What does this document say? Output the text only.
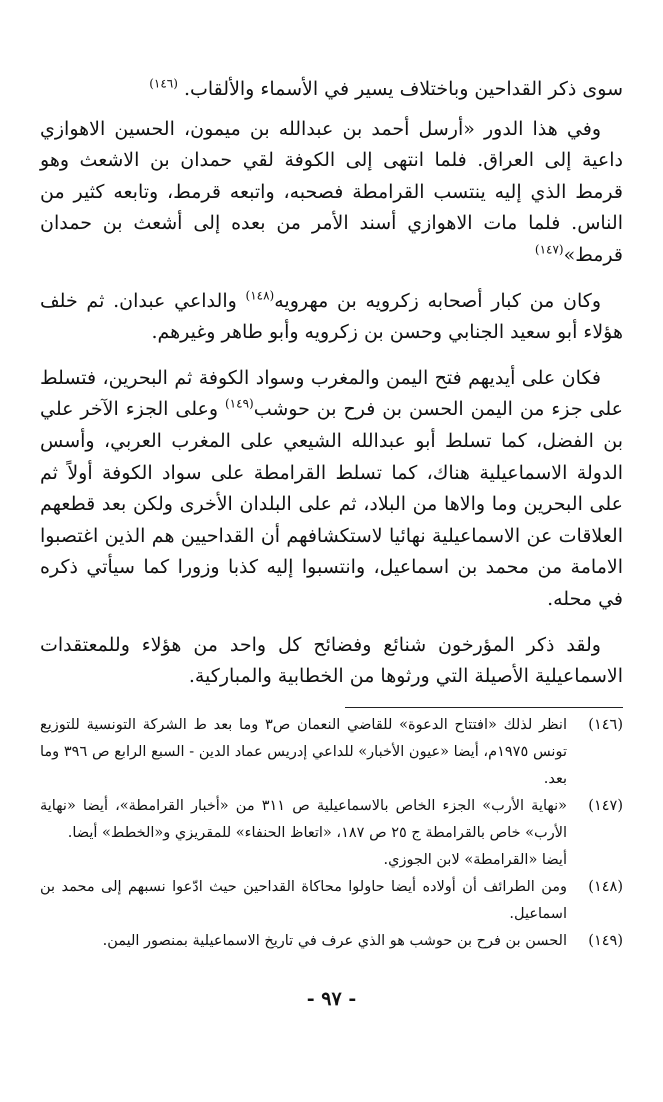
سوى ذكر القداحين وباختلاف يسير في الأسماء والألقاب. $^{(١٤٦)}$

وفي هذا الدور «أرسل أحمد بن عبدالله بن ميمون، الحسين الاهوازي داعية إلى العراق. فلما انتهى إلى الكوفة لقي حمدان بن الاشعث وهو قرمط الذي إليه ينتسب القرامطة فصحبه، واتبعه قرمط، وتابعه كثير من الناس. فلما مات الاهوازي أسند الأمر من بعده إلى أشعث بن حمدان قرمط»$^{(١٤٧)}$

وكان من كبار أصحابه زكرويه بن مهرويه$^{(١٤٨)}$ والداعي عبدان. ثم خلف هؤلاء أبو سعيد الجنابي وحسن بن زكرويه وأبو طاهر وغيرهم.

فكان على أيديهم فتح اليمن والمغرب وسواد الكوفة ثم البحرين، فتسلط على جزء من اليمن الحسن بن فرح بن حوشب$^{(١٤٩)}$ وعلى الجزء الآخر علي بن الفضل، كما تسلط أبو عبدالله الشيعي على المغرب العربي، وأسس الدولة الاسماعيلية هناك، كما تسلط القرامطة على سواد الكوفة أولاً ثم على البحرين وما والاها من البلاد، ثم على البلدان الأخرى ولكن بعد قطعهم العلاقات عن الاسماعيلية نهائيا لاستكشافهم أن القداحيين هم الذين اغتصبوا الامامة من محمد بن اسماعيل، وانتسبوا إليه كذبا وزورا كما سيأتي ذكره في محله.

ولقد ذكر المؤرخون شنائع وفضائح كل واحد من هؤلاء وللمعتقدات الاسماعيلية الأصيلة التي ورثوها من الخطابية والمباركية.

(١٤٦)
انظر لذلك «افتتاح الدعوة» للقاضي النعمان ص٣ وما بعد ط الشركة التونسية للتوزيع تونس ١٩٧٥م، أيضا «عيون الأخبار» للداعي إدريس عماد الدين - السبع الرابع ص ٣٩٦ وما بعد.
(١٤٧)
«نهاية الأرب» الجزء الخاص بالاسماعيلية ص ٣١١ من «أخبار القرامطة»، أيضا «نهاية الأرب» خاص بالقرامطة ج ٢٥ ص ١٨٧، «اتعاظ الحنفاء» للمقريزي و«الخطط» أيضا.
أيضا «القرامطة» لابن الجوزي.
(١٤٨)
ومن الطرائف أن أولاده أيضا حاولوا محاكاة القداحين حيث ادّعوا نسبهم إلى محمد بن اسماعيل.
(١٤٩)
الحسن بن فرح بن حوشب هو الذي عرف في تاريخ الاسماعيلية بمنصور اليمن.
- ٩٧ -
